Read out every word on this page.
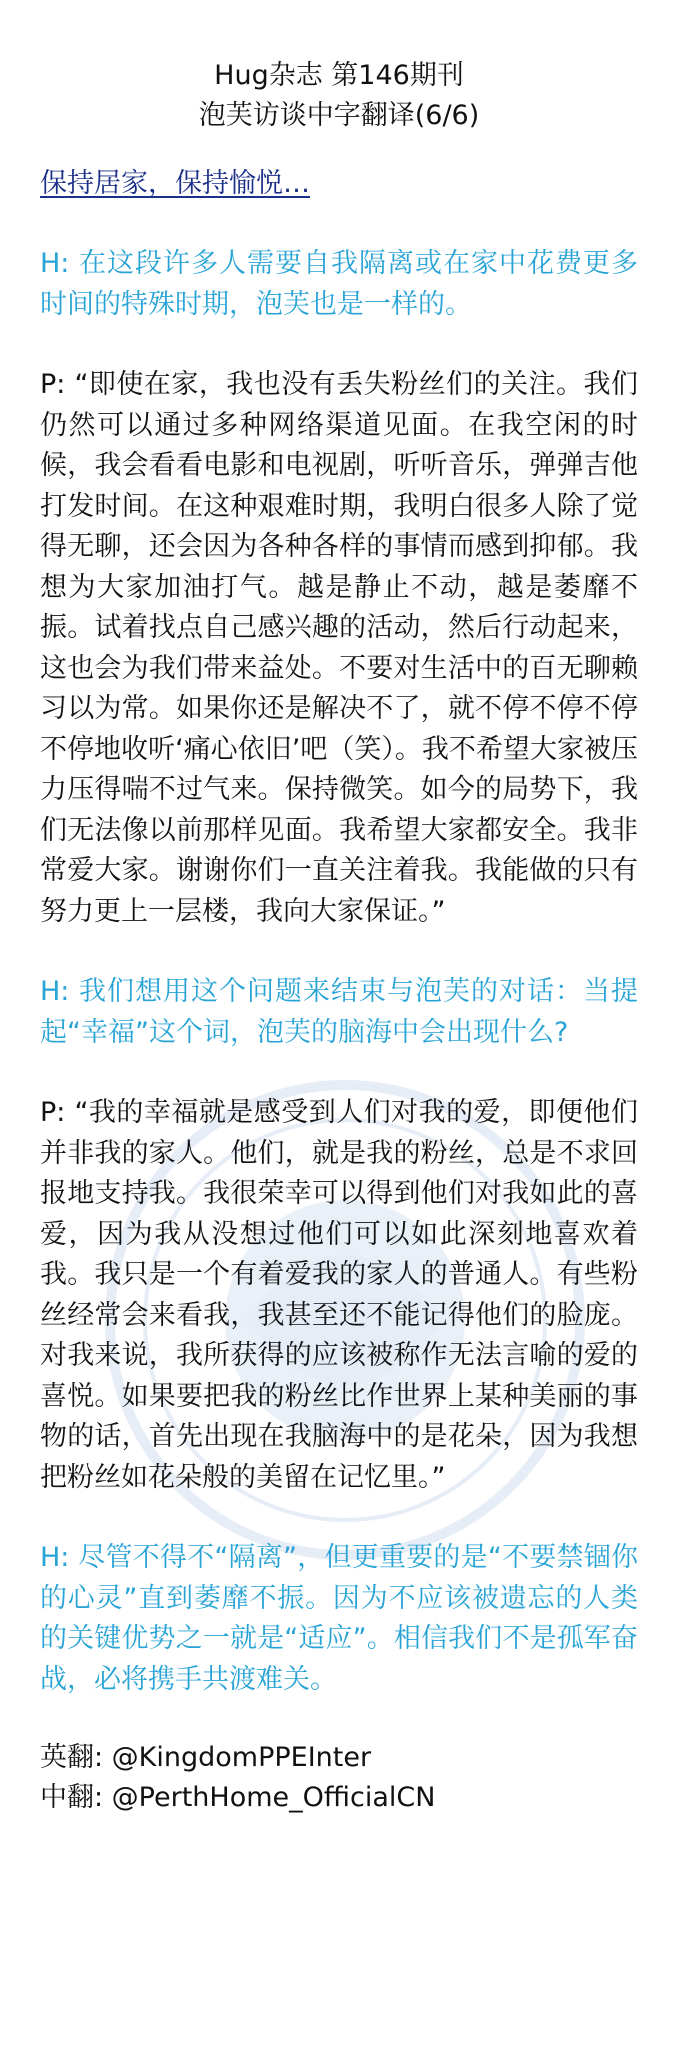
Hug杂志 第146期刊
泡芙访谈中字翻译(6/6)
保持居家，保持愉悦…

H: 在这段许多人需要自我隔离或在家中花费更多时间的特殊时期，泡芙也是一样的。

P: “即使在家，我也没有丢失粉丝们的关注。我们仍然可以通过多种网络渠道见面。在我空闲的时候，我会看看电影和电视剧，听听音乐，弹弹吉他打发时间。在这种艰难时期，我明白很多人除了觉得无聊，还会因为各种各样的事情而感到抑郁。我想为大家加油打气。越是静止不动，越是萎靡不振。试着找点自己感兴趣的活动，然后行动起来，这也会为我们带来益处。不要对生活中的百无聊赖习以为常。如果你还是解决不了，就不停不停不停不停地收听‘痛心依旧’吧（笑）。我不希望大家被压力压得喘不过气来。保持微笑。如今的局势下，我们无法像以前那样见面。我希望大家都安全。我非常爱大家。谢谢你们一直关注着我。我能做的只有努力更上一层楼，我向大家保证。”

H: 我们想用这个问题来结束与泡芙的对话：当提起“幸福”这个词，泡芙的脑海中会出现什么?

P: “我的幸福就是感受到人们对我的爱，即便他们并非我的家人。他们，就是我的粉丝，总是不求回报地支持我。我很荣幸可以得到他们对我如此的喜爱，因为我从没想过他们可以如此深刻地喜欢着我。我只是一个有着爱我的家人的普通人。有些粉丝经常会来看我，我甚至还不能记得他们的脸庞。对我来说，我所获得的应该被称作无法言喻的爱的喜悦。如果要把我的粉丝比作世界上某种美丽的事物的话，首先出现在我脑海中的是花朵，因为我想把粉丝如花朵般的美留在记忆里。”

H: 尽管不得不“隔离”，但更重要的是“不要禁锢你的心灵”直到萎靡不振。因为不应该被遗忘的人类的关键优势之一就是“适应”。相信我们不是孤军奋战，必将携手共渡难关。

英翻: @KingdomPPEInter
中翻: @PerthHome_OfficialCN
